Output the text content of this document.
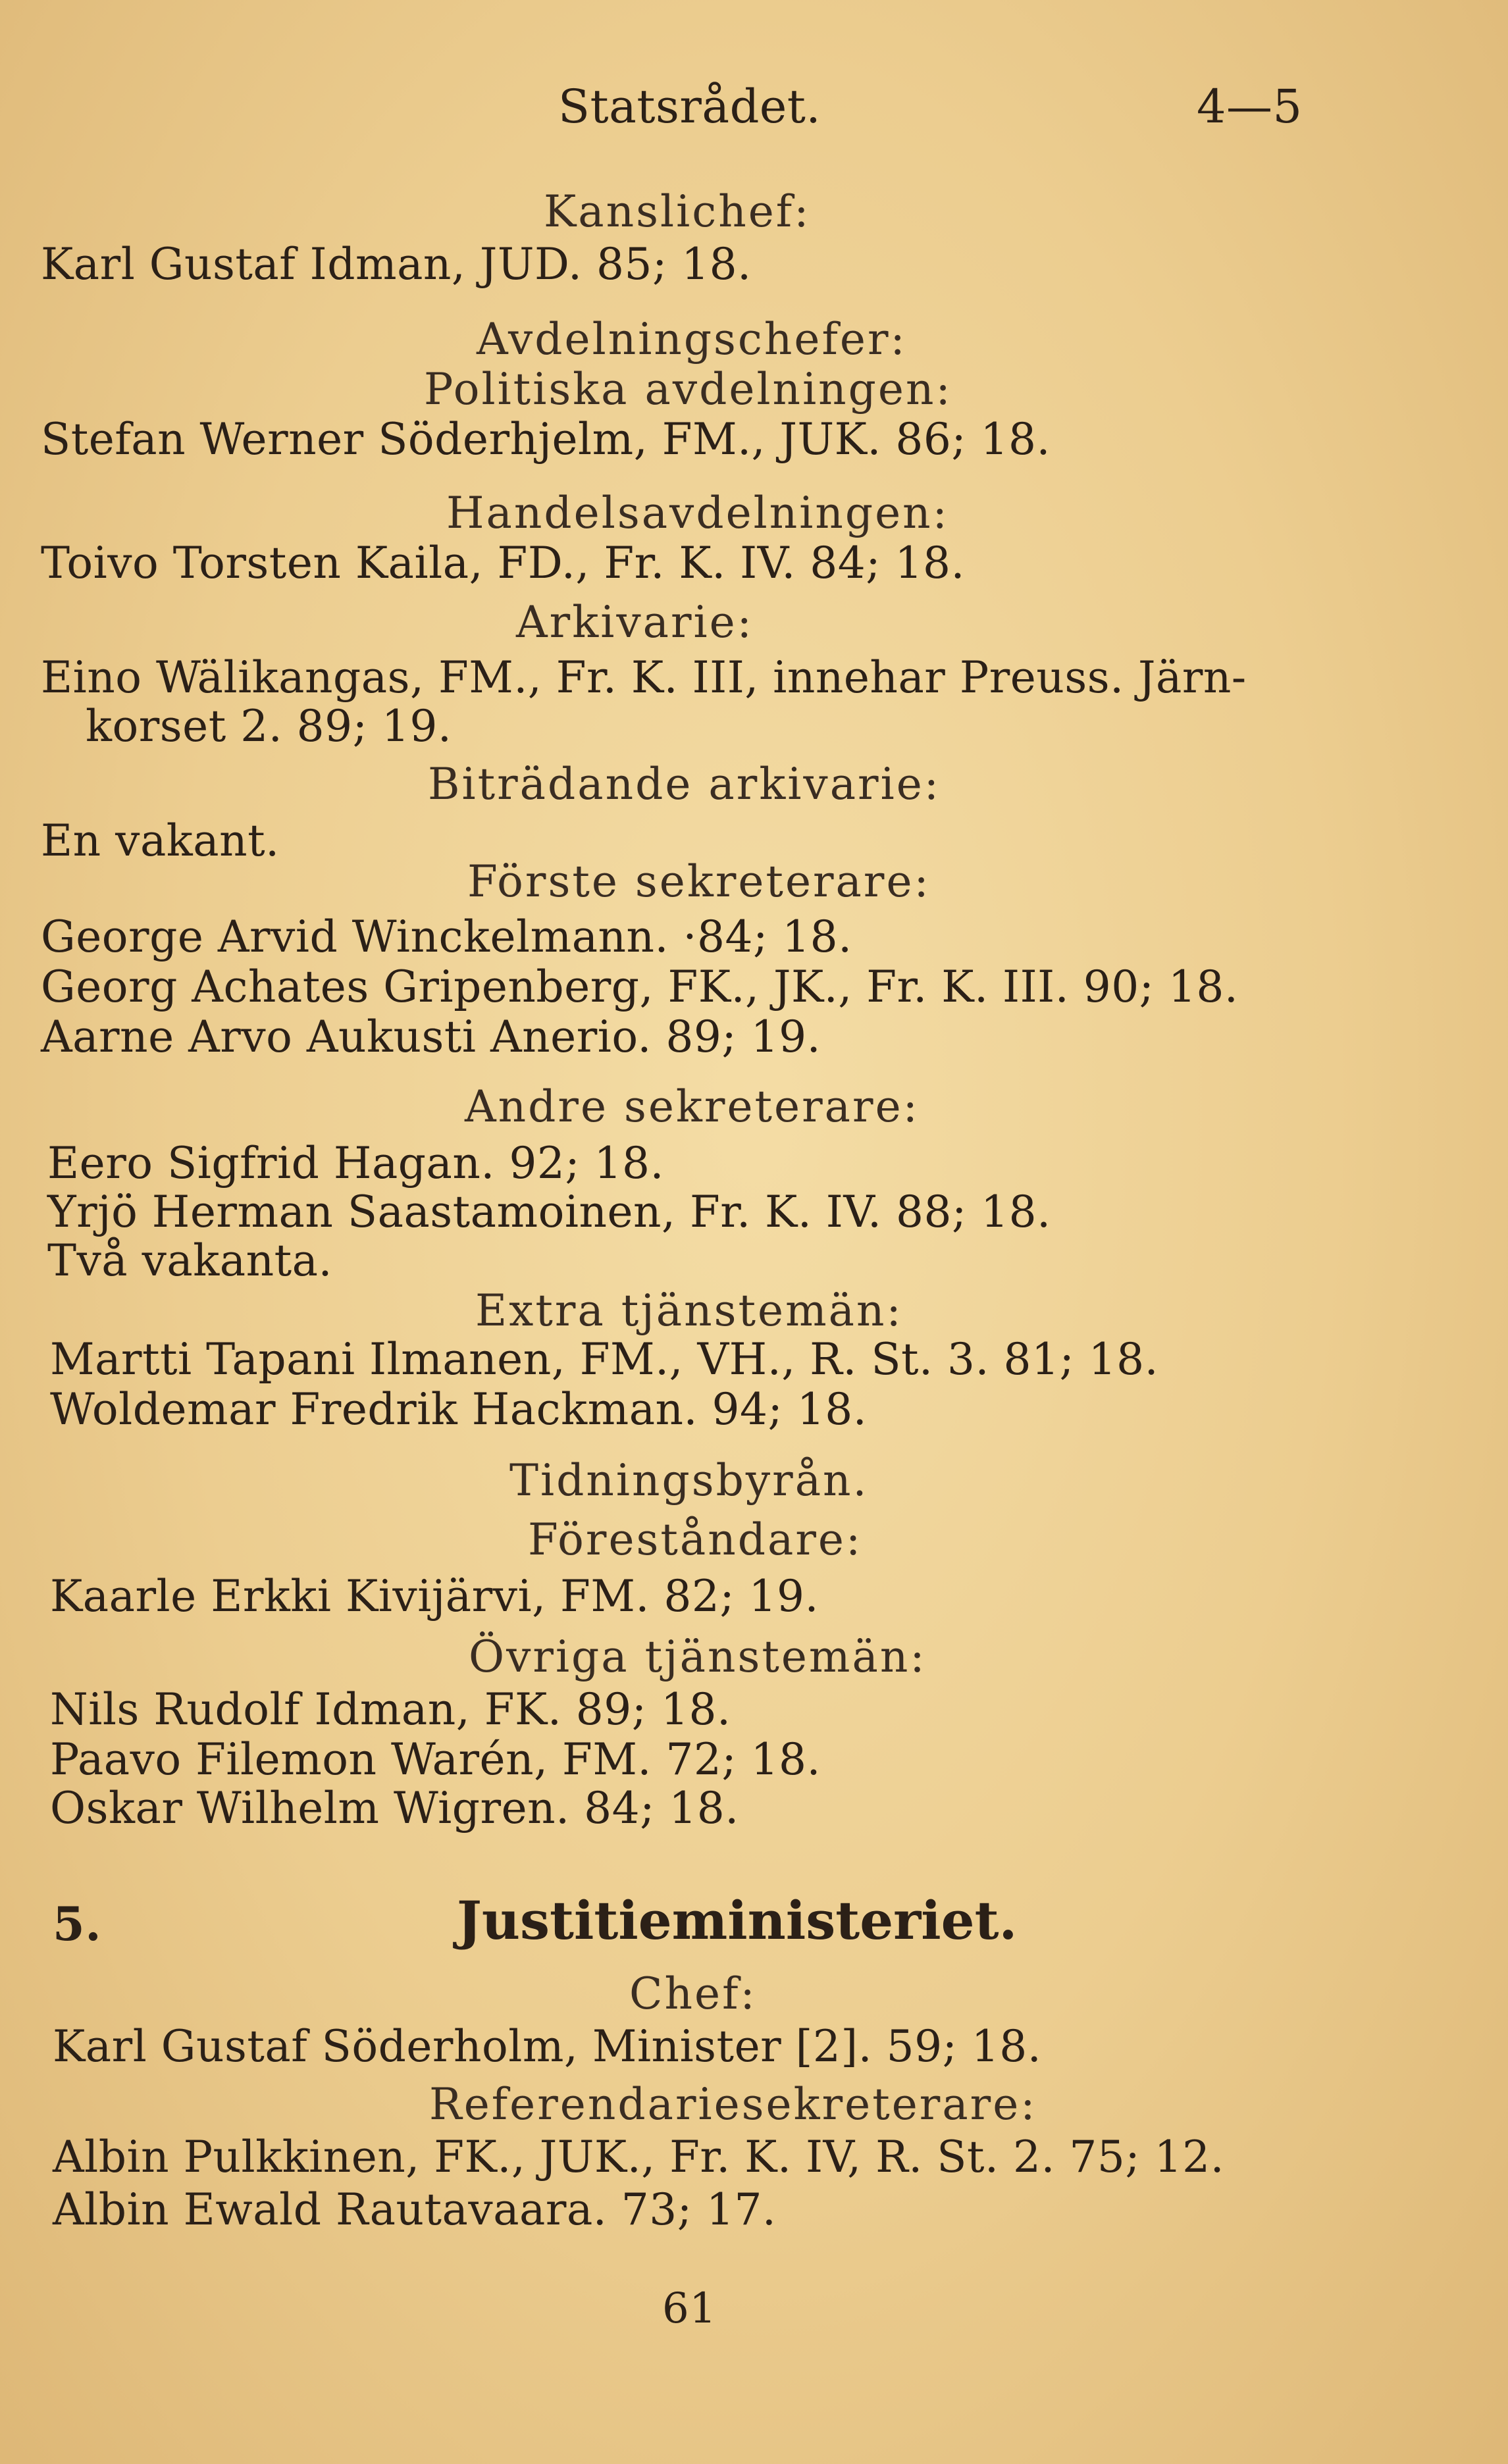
Statsrådet.	4—5
Kanslichef:
Karl Gustaf Idman, JUD. 85; 18.
Avdelningschefer:
Politiska avdelningen:
Stefan Werner Söderhjelm, FM., JUK. 86; 18.
Handelsavdelningen:
Toivo Torsten Kaila, FD., Fr. K. IV. 84; 18.
Arkivarie:
Eino Wälikangas, FM., Fr. K. III, innehar Preuss. Järn-
korset 2. 89; 19.
Biträdande arkivarie:
En vakant.
Förste sekreterare:
George Arvid Winckelmann. ·84; 18.
Georg Achates Gripenberg, FK., JK., Fr. K. III. 90; 18.
Aarne Arvo Aukusti Anerio. 89; 19.
Andre sekreterare:
Eero Sigfrid Hagan. 92; 18.
Yrjö Herman Saastamoinen, Fr. K. IV. 88; 18.
Två vakanta.
Extra tjänstemän:
Martti Tapani Ilmanen, FM., VH., R. St. 3. 81; 18.
Woldemar Fredrik Hackman. 94; 18.
Tidningsbyrån.
Föreståndare:
Kaarle Erkki Kivijärvi, FM. 82; 19.
Övriga tjänstemän:
Nils Rudolf Idman, FK. 89; 18.
Paavo Filemon Warén, FM. 72; 18.
Oskar Wilhelm Wigren. 84; 18.
5.	Justitieministeriet.
Chef:
Karl Gustaf Söderholm, Minister [2]. 59; 18.
Referendariesekreterare:
Albin Pulkkinen, FK., JUK., Fr. K. IV, R. St. 2. 75; 12.
Albin Ewald Rautavaara. 73; 17.
61
